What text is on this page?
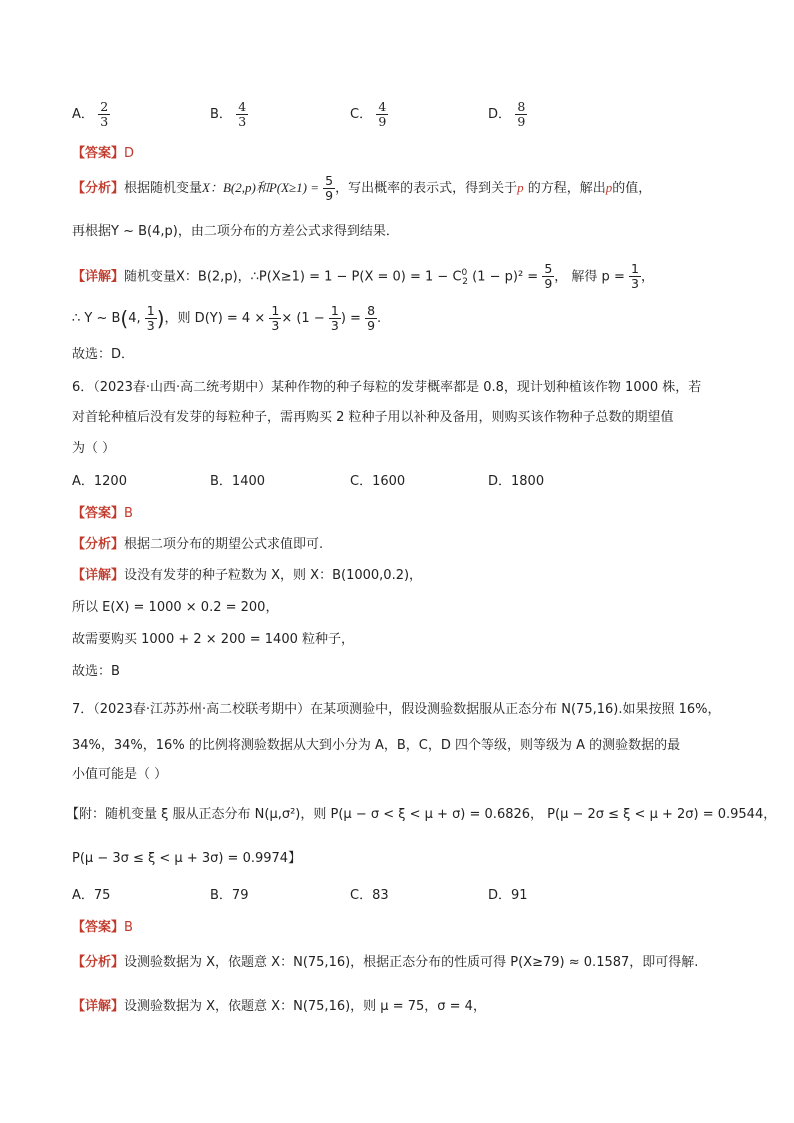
A． $\frac{2}{3}$	B． $\frac{4}{3}$	C． $\frac{4}{9}$	D． $\frac{8}{9}$
【答案】D
【分析】根据随机变量X：B(2,p)和$P(X\ge 1) = \frac{5}{9}$ ，写出概率的表示式，得到关于p 的方程，解出p的值，
再根据Y ~ B(4,p)，由二项分布的方差公式求得到结果．
【详解】随机变量X：B(2,p)，∴P(X≥1) = $1 - P(X = 0) = 1 - C^0_2$ $(1 - p)^2 = \frac{5}{9}$ ， 解得 $p = \frac{1}{3}$ ，
∴ Y ~ B(4, $\frac{1}{3}$ )，则 $D(Y) = 4 \times \frac{1}{3} \times (1 - \frac{1}{3}$ ) = $\frac{8}{9}$ .
故选：D．
6．（2023春·山西·高二统考期中）某种作物的种子每粒的发芽概率都是 0.8，现计划种植该作物 1000 株，若
对首轮种植后没有发芽的每粒种子，需再购买 2 粒种子用以补种及备用，则购买该作物种子总数的期望值
为（ ）
A．1200	B．1400	C．1600	D．1800
【答案】B
【分析】根据二项分布的期望公式求值即可.
【详解】设没有发芽的种子粒数为 X，则 X：B(1000,0.2)，
所以 E(X) = 1000 × 0.2 = 200，
故需要购买 1000 + 2 × 200 = 1400 粒种子，
故选：B
7．（2023春·江苏苏州·高二校联考期中）在某项测验中，假设测验数据服从正态分布 N(75,16).如果按照 16%，
34%，34%，16% 的比例将测验数据从大到小分为 A，B，C，D 四个等级，则等级为 A 的测验数据的最
小值可能是（ ）
【附：随机变量 ξ 服从正态分布 N(μ,σ²)，则 P(μ − σ < ξ < μ + σ) = 0.6826， P(μ − 2σ ≤ ξ < μ + 2σ) = 0.9544，
P(μ − 3σ ≤ ξ < μ + 3σ) = 0.9974】
A．75	B．79	C．83	D．91
【答案】B
【分析】设测验数据为 X，依题意 X：N(75,16)，根据正态分布的性质可得 P(X≥79) ≈ 0.1587，即可得解.
【详解】设测验数据为 X，依题意 X：N(75,16)，则 μ = 75，σ = 4，
